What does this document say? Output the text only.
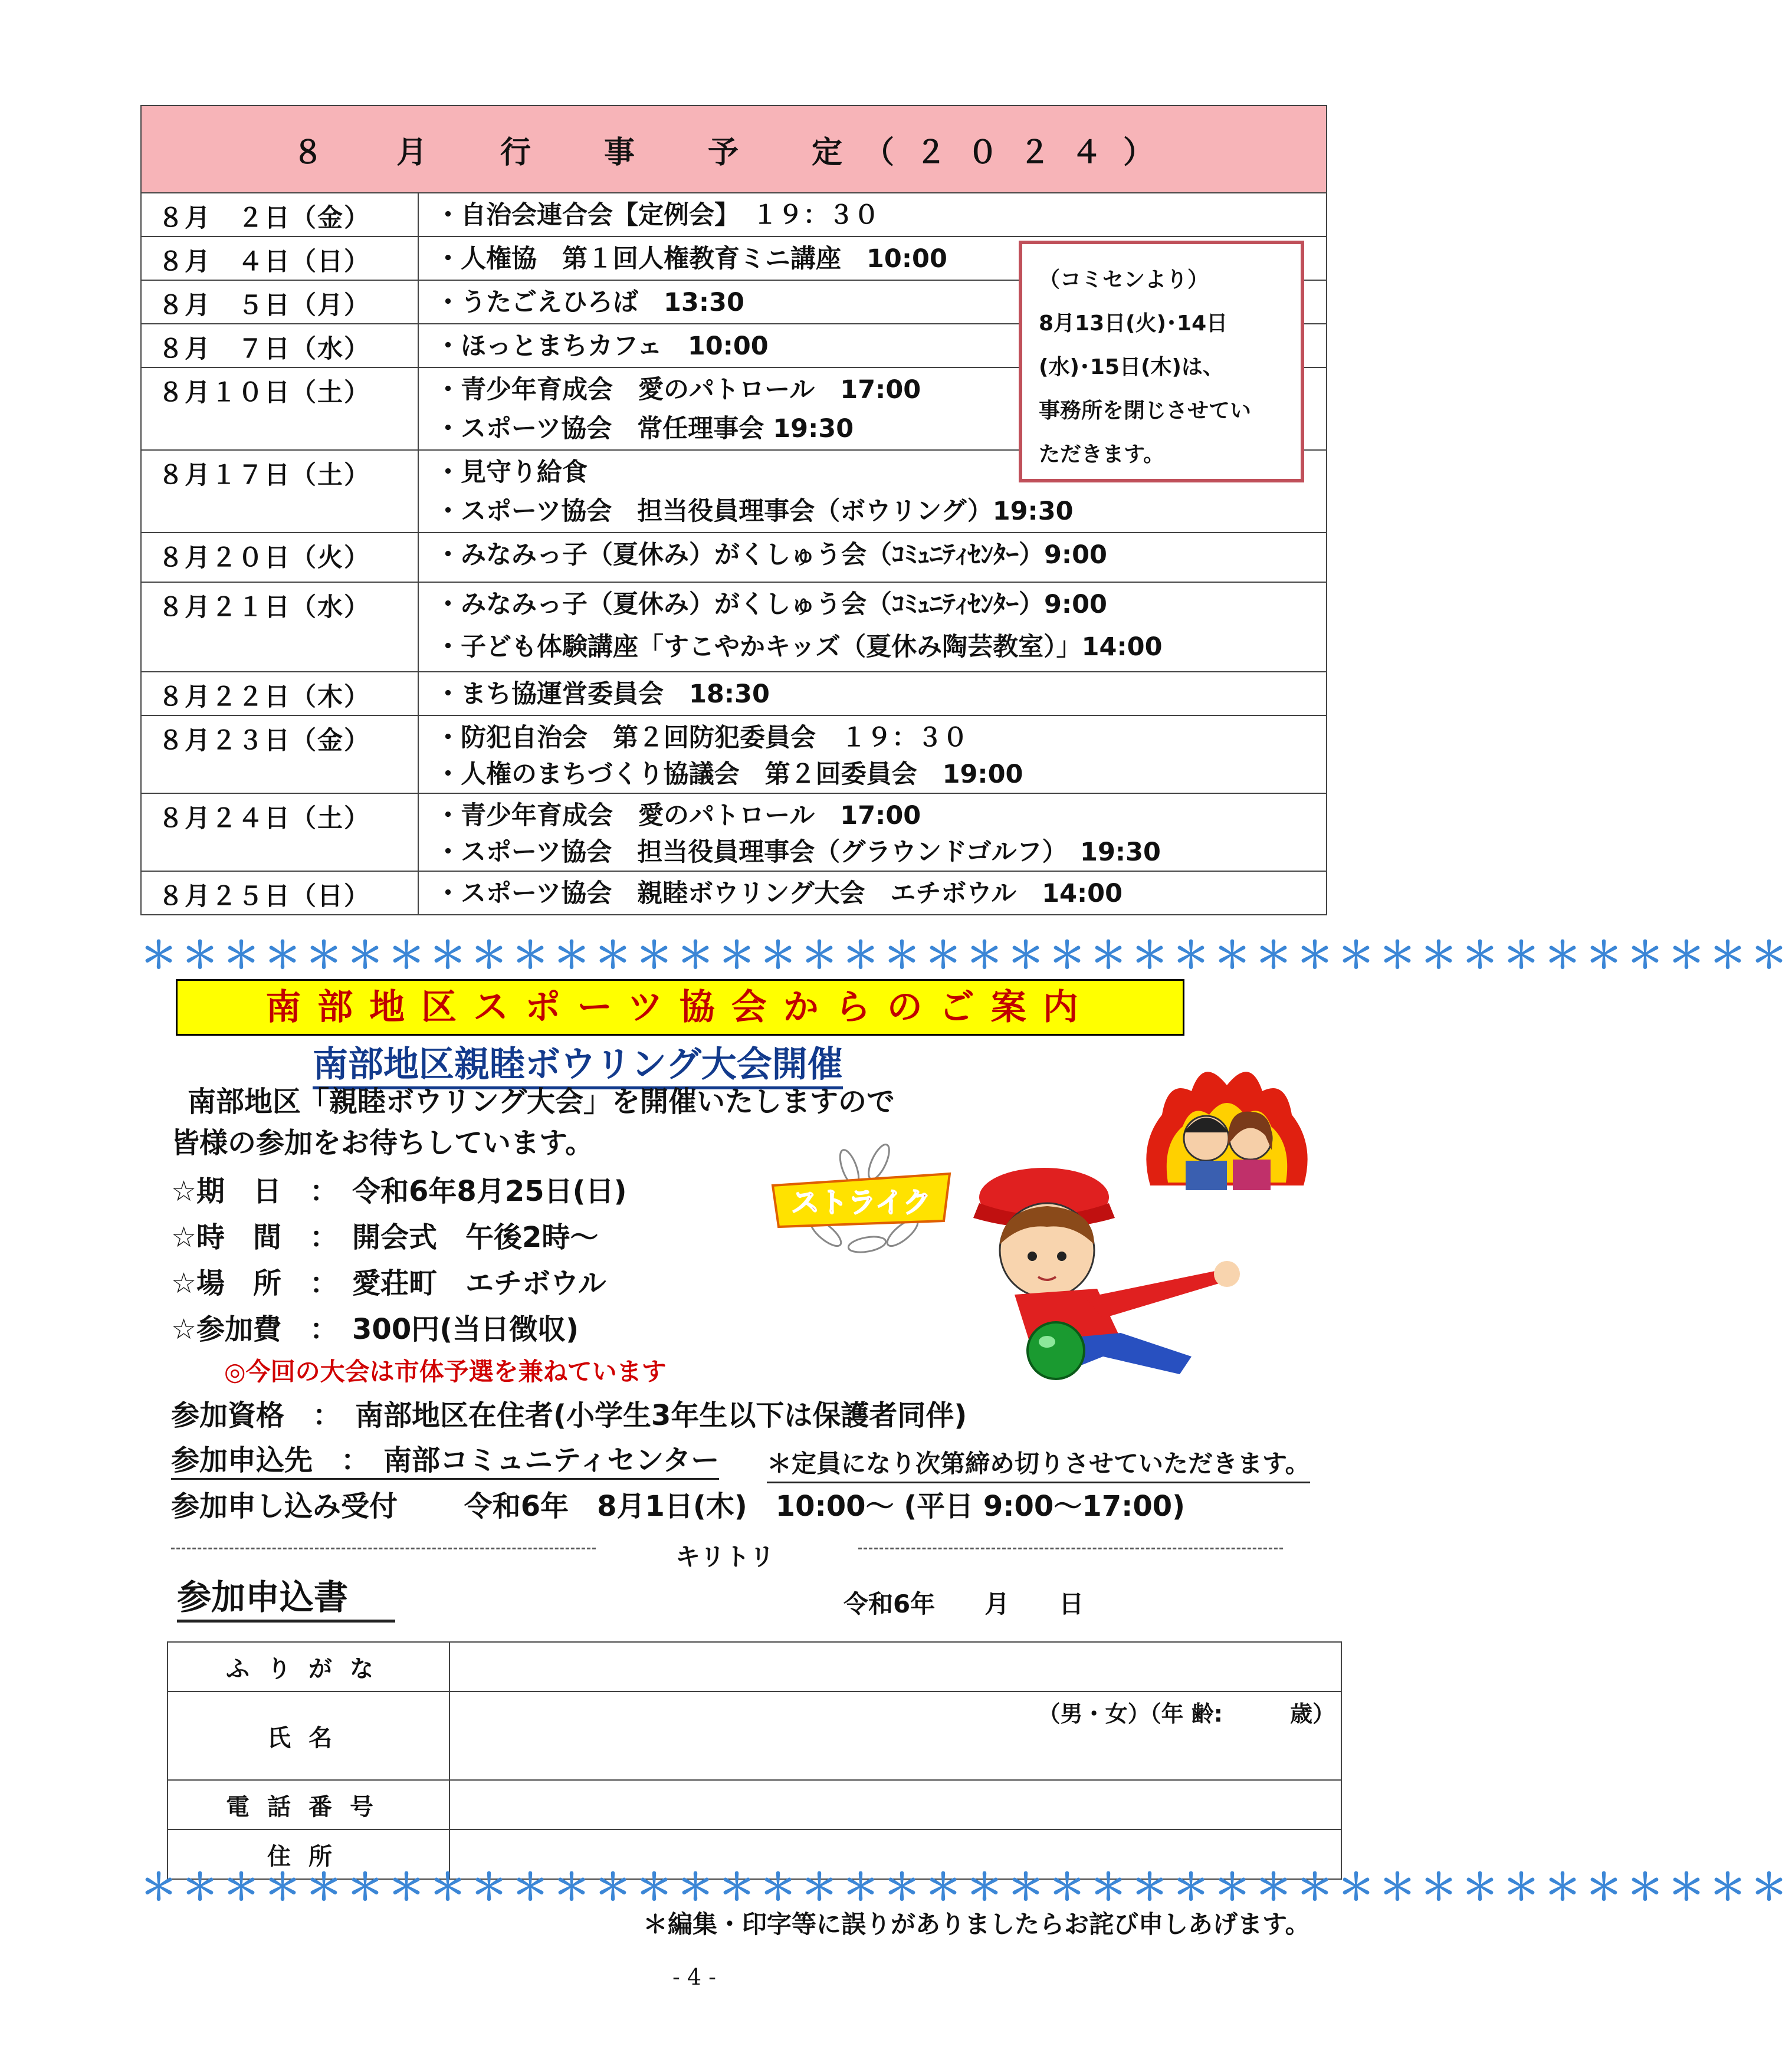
８　月　行　事　予　定（２０２４）	
８月　２日（金）	・自治会連合会【定例会】　１９：３０

８月　４日（日）	・人権協　第１回人権教育ミニ講座　10:00

８月　５日（月）	・うたごえひろば　13:30

８月　７日（水）	・ほっとまちカフェ　10:00

８月１０日（土）	・青少年育成会　愛のパトロール　17:00
・スポーツ協会　常任理事会 19:30

８月１７日（土）	・見守り給食
・スポーツ協会　担当役員理事会（ボウリング）19:30

８月２０日（火）	・みなみっ子（夏休み）がくしゅう会（ｺﾐｭﾆﾃｨｾﾝﾀｰ）9:00

８月２１日（水）	・みなみっ子（夏休み）がくしゅう会（ｺﾐｭﾆﾃｨｾﾝﾀｰ）9:00
・子ども体験講座「すこやかキッズ（夏休み陶芸教室）」14:00

８月２２日（木）	・まち協運営委員会　18:30

８月２３日（金）	・防犯自治会　第２回防犯委員会　１９：３０
・人権のまちづくり協議会　第２回委員会　19:00

８月２４日（土）	・青少年育成会　愛のパトロール　17:00
・スポーツ協会　担当役員理事会（グラウンドゴルフ）　19:30

８月２５日（日）	・スポーツ協会　親睦ボウリング大会　エチボウル　14:00
（コミセンより）
8月13日(火)･14日
(水)･15日(木)は、
事務所を閉じさせてい
ただきます。
＊＊＊＊＊＊＊＊＊＊＊＊＊＊＊＊＊＊＊＊＊＊＊＊＊＊＊＊＊＊＊＊＊＊＊＊＊＊＊＊
南部地区スポーツ協会からのご案内
南部地区親睦ボウリング大会開催
南部地区「親睦ボウリング大会」を開催いたしますので
皆様の参加をお待ちしています。
☆期　日　：　令和6年8月25日(日)
☆時　間　：　開会式　午後2時～
☆場　所　：　愛荘町　エチボウル
☆参加費　：　300円(当日徴収)
◎今回の大会は市体予選を兼ねています
参加資格　：　南部地区在住者(小学生3年生以下は保護者同伴)
参加申込先　：　南部コミュニティセンター ＊定員になり次第締め切りさせていただきます。
参加申し込み受付　　 令和6年　8月1日(木)　10:00～ (平日 9:00～17:00)
ストライク
キリトリ
参加申込書	令和6年　　月　　日
ふりがな	
氏名	（男・女）（年 齢:　　　歳）

電話番号	
住所	
＊＊＊＊＊＊＊＊＊＊＊＊＊＊＊＊＊＊＊＊＊＊＊＊＊＊＊＊＊＊＊＊＊＊＊＊＊＊＊＊
＊編集・印字等に誤りがありましたらお詫び申しあげます。
- 4 -
